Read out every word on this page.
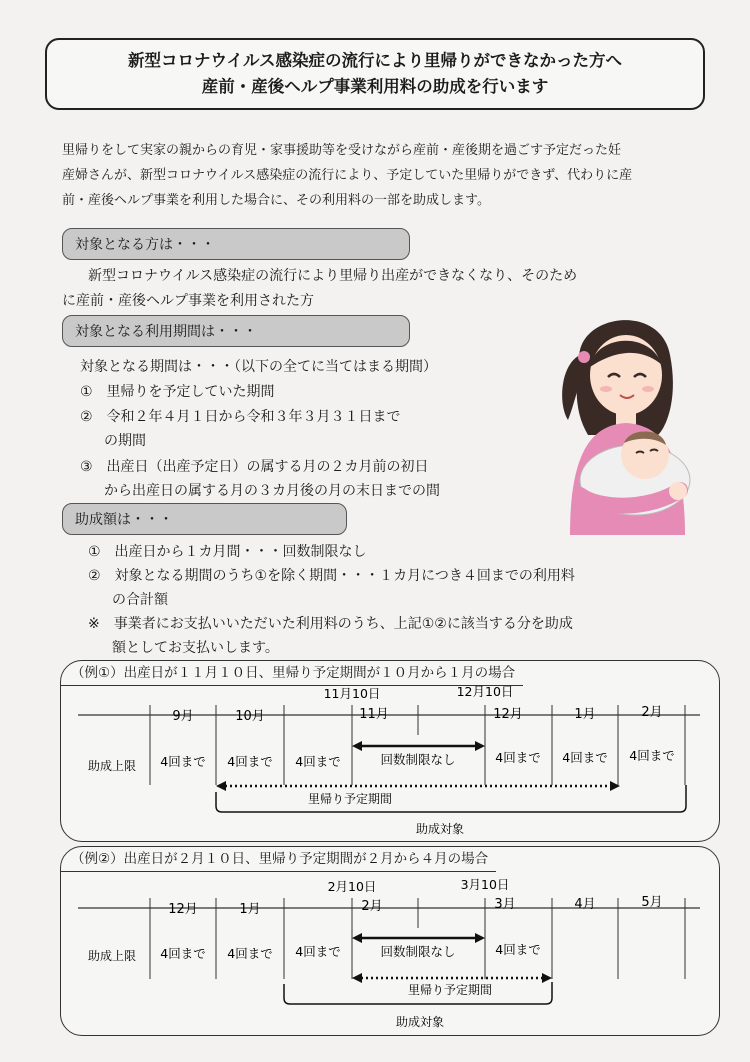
新型コロナウイルス感染症の流行により里帰りができなかった方へ
産前・産後ヘルプ事業利用料の助成を行います
里帰りをして実家の親からの育児・家事援助等を受けながら産前・産後期を過ごす予定だった妊
産婦さんが、新型コロナウイルス感染症の流行により、予定していた里帰りができず、代わりに産
前・産後ヘルプ事業を利用した場合に、その利用料の一部を助成します。
対象となる方は・・・
新型コロナウイルス感染症の流行により里帰り出産ができなくなり、そのため
に産前・産後ヘルプ事業を利用された方
対象となる利用期間は・・・
対象となる期間は・・・（以下の全てに当てはまる期間）
①　里帰りを予定していた期間
②　令和２年４月１日から令和３年３月３１日まで
の期間
③　出産日（出産予定日）の属する月の２カ月前の初日
から出産日の属する月の３カ月後の月の末日までの間
助成額は・・・
①　出産日から１カ月間・・・回数制限なし
②　対象となる期間のうち①を除く期間・・・１カ月につき４回までの利用料
の合計額
※　事業者にお支払いいただいた利用料のうち、上記①②に該当する分を助成
額としてお支払いします。
（例①）出産日が１１月１０日、里帰り予定期間が１０月から１月の場合
9月	10月	11月	12月	1月	2月
11月10日	12月10日
助成上限 4回まで 4回まで 4回まで	回数制限なし	4回まで 4回まで 4回まで
里帰り予定期間
助成対象
（例②）出産日が２月１０日、里帰り予定期間が２月から４月の場合
12月	1月	2月	3月	4月	5月
2月10日	3月10日
助成上限 4回まで 4回まで 4回まで	回数制限なし	4回まで
里帰り予定期間
助成対象
